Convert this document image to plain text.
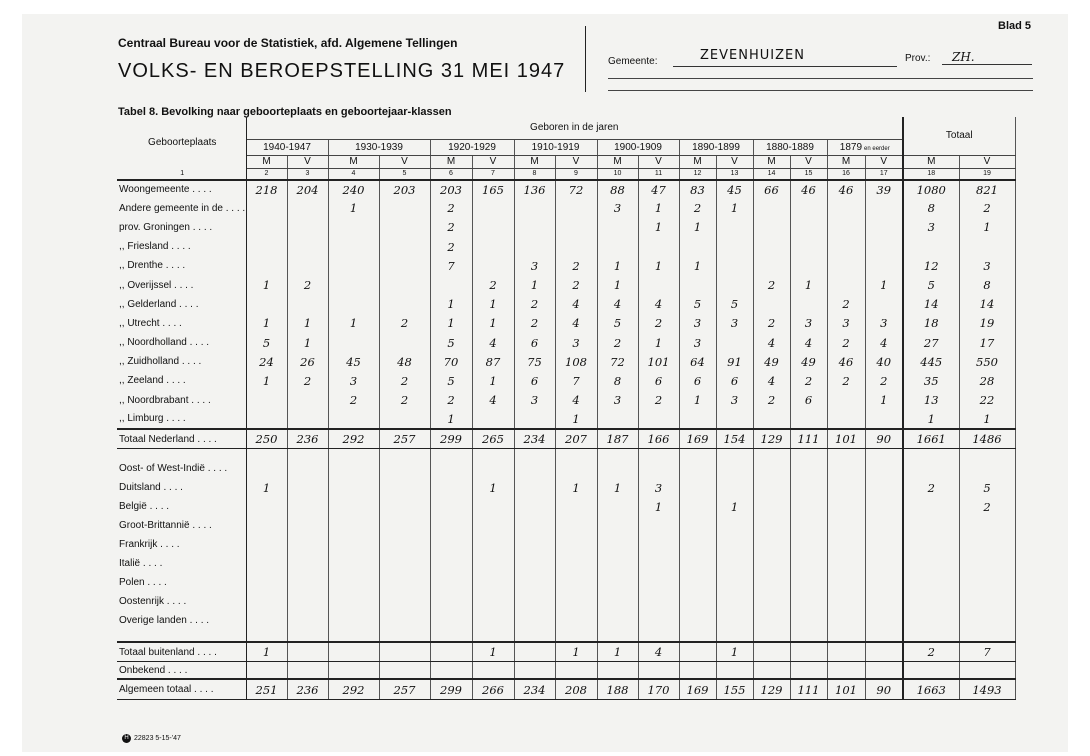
Centraal Bureau voor de Statistiek, afd. Algemene Tellingen
VOLKS- EN BEROEPSTELLING 31 MEI 1947
Blad 5
Gemeente:	ZEVENHUIZEN	Prov.: ZH.
Tabel 8. Bevolking naar geboorteplaats en geboortejaar-klassen
Geboorteplaats	Geboren in de jaren																Totaal	
	1940-1947		1930-1939		1920-1929		1910-1919		1900-1909		1890-1899		1880-1889		1879 en eerder			
	M	V	M	V	M	V	M	V	M	V	M	V	M	V	M	V	M	V
1	2	3	4	5	6	7	8	9	10	11	12	13	14	15	16	17	18	19
Woongemeente . . . .	218	204	240	203	203	165	136	72	88	47	83	45	66	46	46	39	1080	821
Andere gemeente in de . . . .			1		2				3	1	2	1					8	2
prov. Groningen . . . .					2					1	1						3	1
,, Friesland . . . .					2													
,, Drenthe . . . .					7		3	2	1	1	1						12	3
,, Overijssel . . . .	1	2				2	1	2	1				2	1		1	5	8
,, Gelderland . . . .					1	1	2	4	4	4	5	5			2		14	14
,, Utrecht . . . .	1	1	1	2	1	1	2	4	5	2	3	3	2	3	3	3	18	19
,, Noordholland . . . .	5	1			5	4	6	3	2	1	3		4	4	2	4	27	17
,, Zuidholland . . . .	24	26	45	48	70	87	75	108	72	101	64	91	49	49	46	40	445	550
,, Zeeland . . . .	1	2	3	2	5	1	6	7	8	6	6	6	4	2	2	2	35	28
,, Noordbrabant . . . .			2	2	2	4	3	4	3	2	1	3	2	6		1	13	22
,, Limburg . . . .					1			1									1	1
Totaal Nederland . . . .	250	236	292	257	299	265	234	207	187	166	169	154	129	111	101	90	1661	1486

Oost- of West-Indië . . . .																		
Duitsland . . . .	1					1		1	1	3							2	5
België . . . .										1		1						2
Groot-Brittannië . . . .																		
Frankrijk . . . .																		
Italië . . . .																		
Polen . . . .																		
Oostenrijk . . . .																		
Overige landen . . . .																		

Totaal buitenland . . . .	1					1		1	1	4		1					2	7
Onbekend . . . .																		
Algemeen totaal . . . .	251	236	292	257	299	266	234	208	188	170	169	155	129	111	101	90	1663	1493
H 22823 5-15-'47
